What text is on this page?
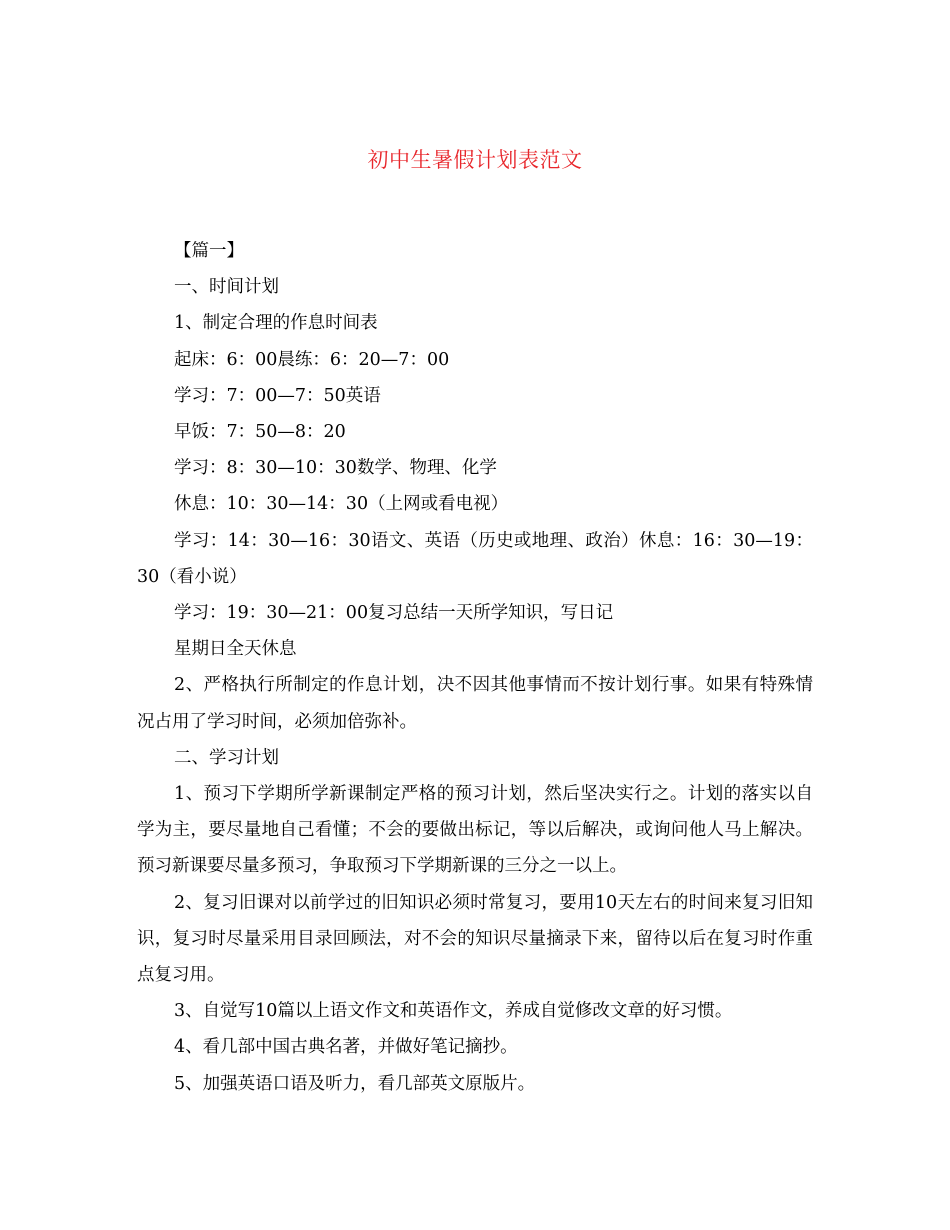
初中生暑假计划表范文

【篇一】

一、时间计划

1、制定合理的作息时间表

起床：6：00晨练：6：20—7：00

学习：7：00—7：50英语

早饭：7：50—8：20

学习：8：30—10：30数学、物理、化学

休息：10：30—14：30（上网或看电视）

学习：14：30—16：30语文、英语（历史或地理、政治）休息：16：30—19：30（看小说）

学习：19：30—21：00复习总结一天所学知识，写日记

星期日全天休息

2、严格执行所制定的作息计划，决不因其他事情而不按计划行事。如果有特殊情况占用了学习时间，必须加倍弥补。

二、学习计划

1、预习下学期所学新课制定严格的预习计划，然后坚决实行之。计划的落实以自学为主，要尽量地自己看懂；不会的要做出标记，等以后解决，或询问他人马上解决。预习新课要尽量多预习，争取预习下学期新课的三分之一以上。

2、复习旧课对以前学过的旧知识必须时常复习，要用10天左右的时间来复习旧知识，复习时尽量采用目录回顾法，对不会的知识尽量摘录下来，留待以后在复习时作重点复习用。

3、自觉写10篇以上语文作文和英语作文，养成自觉修改文章的好习惯。

4、看几部中国古典名著，并做好笔记摘抄。

5、加强英语口语及听力，看几部英文原版片。
